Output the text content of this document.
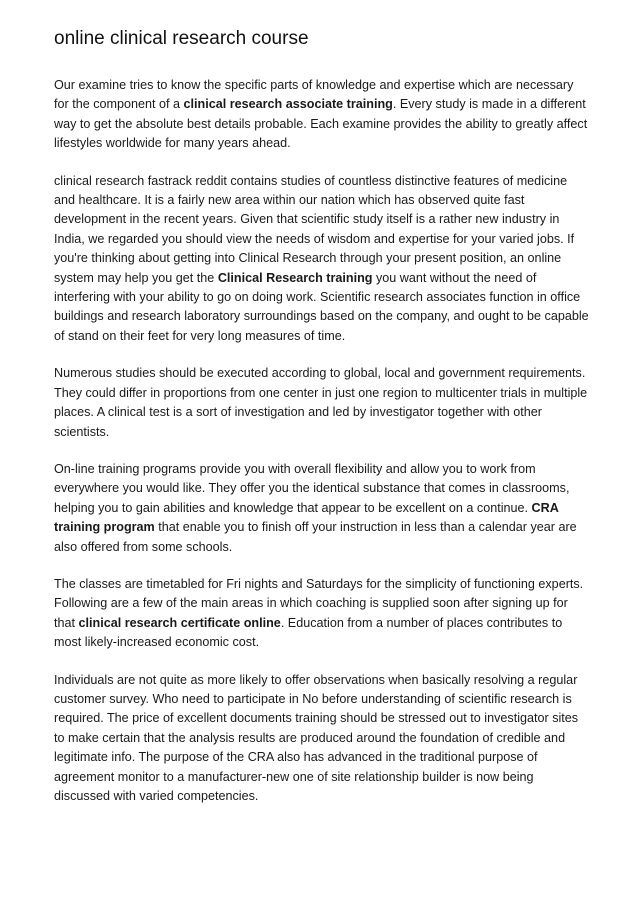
online clinical research course

Our examine tries to know the specific parts of knowledge and expertise which are necessary for the component of a clinical research associate training. Every study is made in a different way to get the absolute best details probable. Each examine provides the ability to greatly affect lifestyles worldwide for many years ahead.

clinical research fastrack reddit contains studies of countless distinctive features of medicine and healthcare. It is a fairly new area within our nation which has observed quite fast development in the recent years. Given that scientific study itself is a rather new industry in India, we regarded you should view the needs of wisdom and expertise for your varied jobs. If you're thinking about getting into Clinical Research through your present position, an online system may help you get the Clinical Research training you want without the need of interfering with your ability to go on doing work. Scientific research associates function in office buildings and research laboratory surroundings based on the company, and ought to be capable of stand on their feet for very long measures of time.

Numerous studies should be executed according to global, local and government requirements. They could differ in proportions from one center in just one region to multicenter trials in multiple places. A clinical test is a sort of investigation and led by investigator together with other scientists.

On-line training programs provide you with overall flexibility and allow you to work from everywhere you would like. They offer you the identical substance that comes in classrooms, helping you to gain abilities and knowledge that appear to be excellent on a continue. CRA training program that enable you to finish off your instruction in less than a calendar year are also offered from some schools.

The classes are timetabled for Fri nights and Saturdays for the simplicity of functioning experts. Following are a few of the main areas in which coaching is supplied soon after signing up for that clinical research certificate online. Education from a number of places contributes to most likely-increased economic cost.

Individuals are not quite as more likely to offer observations when basically resolving a regular customer survey. Who need to participate in No before understanding of scientific research is required. The price of excellent documents training should be stressed out to investigator sites to make certain that the analysis results are produced around the foundation of credible and legitimate info. The purpose of the CRA also has advanced in the traditional purpose of agreement monitor to a manufacturer-new one of site relationship builder is now being discussed with varied competencies.
